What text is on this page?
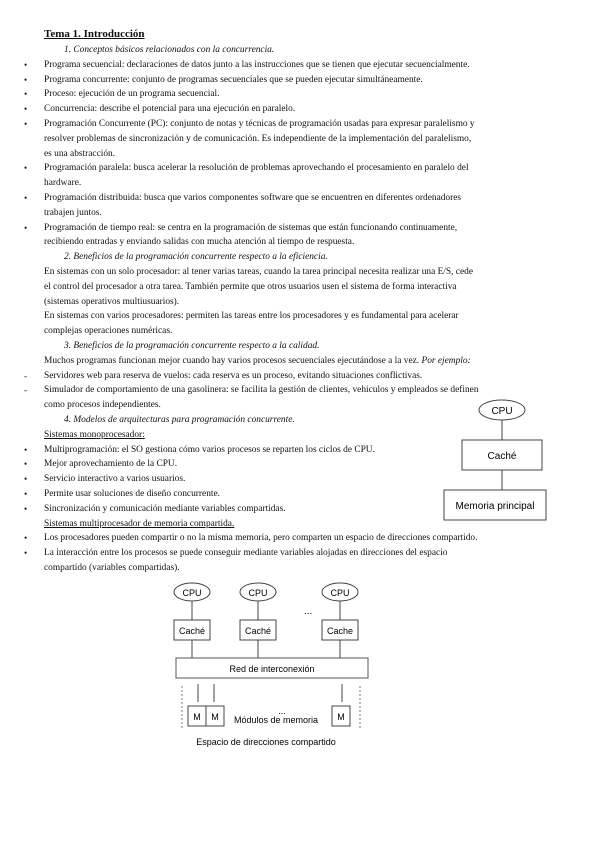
Tema 1. Introducción
1. Conceptos básicos relacionados con la concurrencia.
• Programa secuencial: declaraciones de datos junto a las instrucciones que se tienen que ejecutar secuencialmente.
• Programa concurrente: conjunto de programas secuenciales que se pueden ejecutar simultáneamente.
• Proceso: ejecución de un programa secuencial.
• Concurrencia: describe el potencial para una ejecución en paralelo.
• Programación Concurrente (PC): conjunto de notas y técnicas de programación usadas para expresar paralelismo y
resolver problemas de sincronización y de comunicación. Es independiente de la implementación del paralelismo,
es una abstracción.
• Programación paralela: busca acelerar la resolución de problemas aprovechando el procesamiento en paralelo del
hardware.
• Programación distribuida: busca que varios componentes software que se encuentren en diferentes ordenadores
trabajen juntos.
• Programación de tiempo real: se centra en la programación de sistemas que están funcionando continuamente,
recibiendo entradas y enviando salidas con mucha atención al tiempo de respuesta.
2. Beneficios de la programación concurrente respecto a la eficiencia.
En sistemas con un solo procesador: al tener varias tareas, cuando la tarea principal necesita realizar una E/S, cede
el control del procesador a otra tarea. También permite que otros usuarios usen el sistema de forma interactiva
(sistemas operativos multiusuarios).
En sistemas con varios procesadores: permiten las tareas entre los procesadores y es fundamental para acelerar
complejas operaciones numéricas.
3. Beneficios de la programación concurrente respecto a la calidad.
Muchos programas funcionan mejor cuando hay varios procesos secuenciales ejecutándose a la vez. Por ejemplo:
- Servidores web para reserva de vuelos: cada reserva es un proceso, evitando situaciones conflictivas.
- Simulador de comportamiento de una gasolinera: se facilita la gestión de clientes, vehículos y empleados se definen
como procesos independientes.
4. Modelos de arquitecturas para programación concurrente.
Sistemas monoprocesador:
• Multiprogramación: el SO gestiona cómo varios procesos se reparten los ciclos de CPU.
• Mejor aprovechamiento de la CPU.
• Servicio interactivo a varios usuarios.
• Permite usar soluciones de diseño concurrente.
• Sincronización y comunicación mediante variables compartidas.
Sistemas multiprocesador de memoria compartida.
• Los procesadores pueden compartir o no la misma memoria, pero comparten un espacio de direcciones compartido.
• La interacción entre los procesos se puede conseguir mediante variables alojadas en direcciones del espacio
compartido (variables compartidas).
CPU
Caché
Memoria principal
CPU
Caché
CPU
Caché
CPU
Cache
...
Red de interconexión
M M
...
Módulos de memoria M
Espacio de direcciones compartido
